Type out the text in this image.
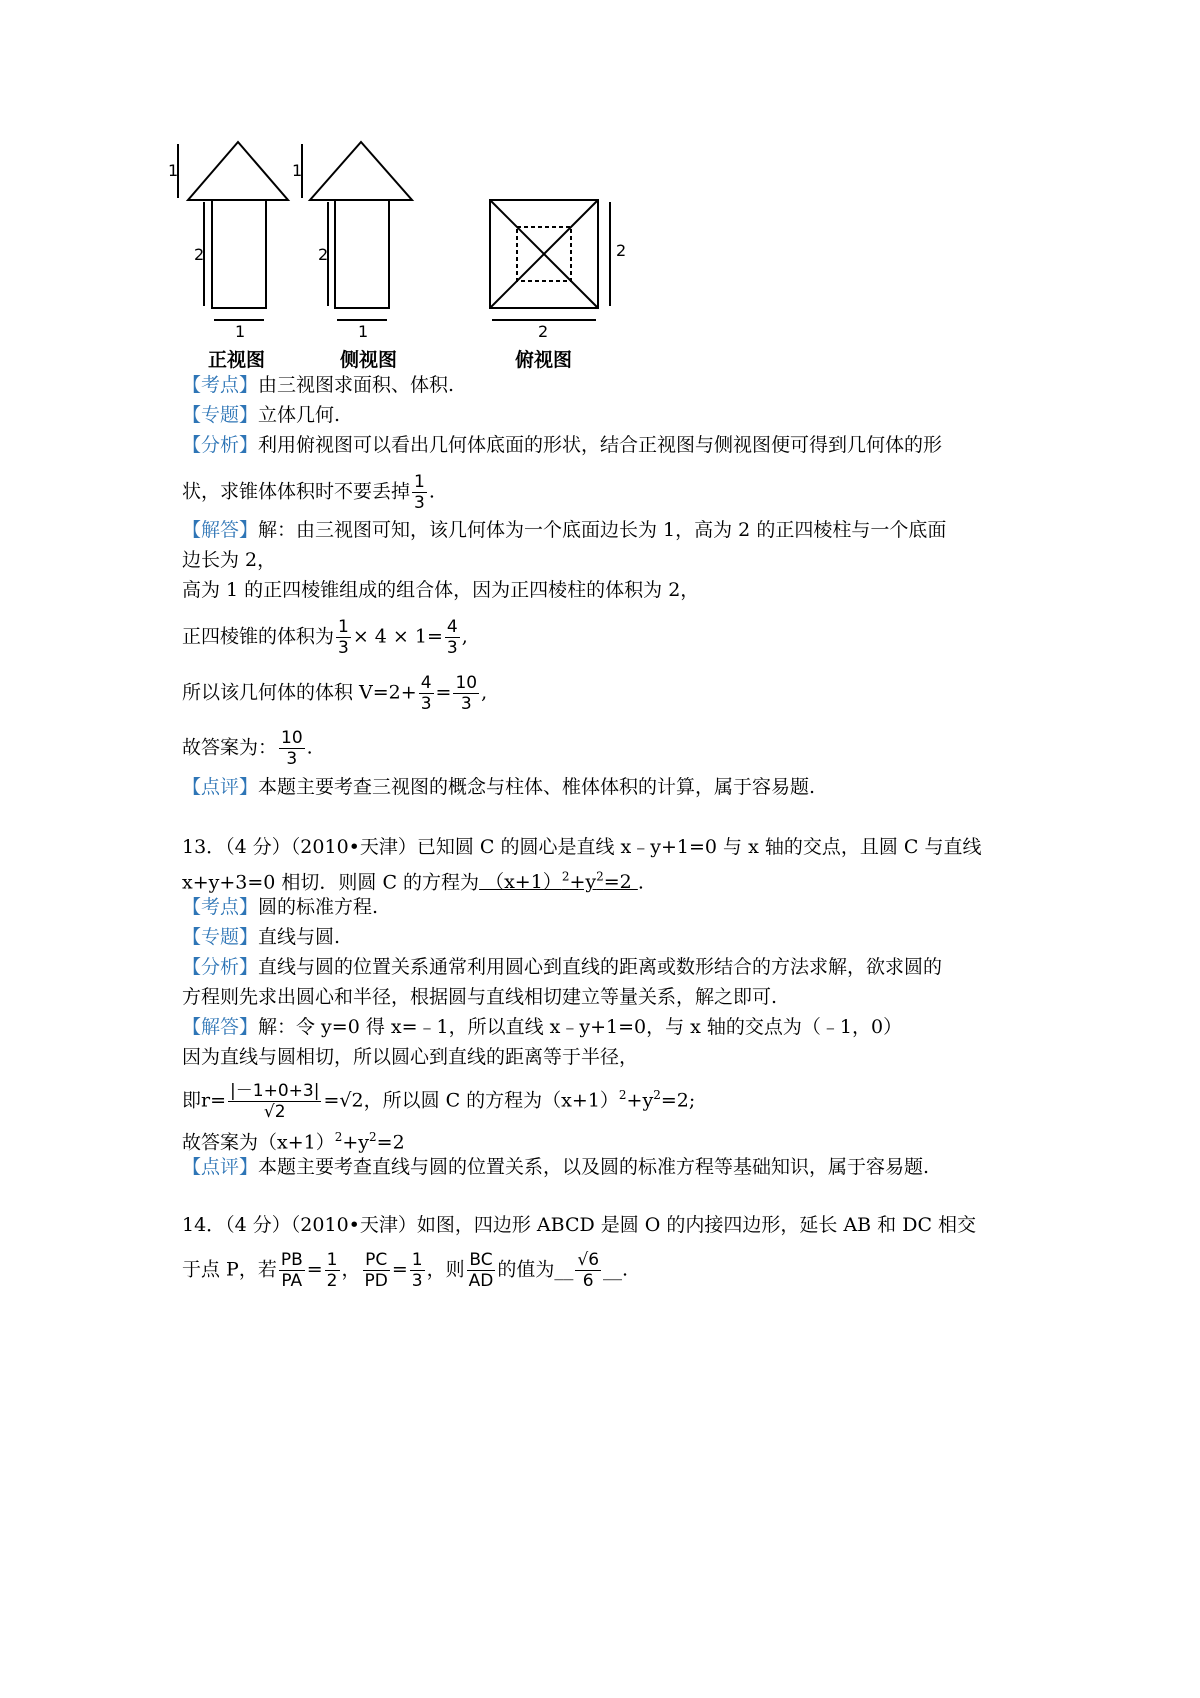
1
2
1
1
2
1
2
2
正视图	侧视图	俯视图
【考点】由三视图求面积、体积.
【专题】立体几何.
【分析】利用俯视图可以看出几何体底面的形状，结合正视图与侧视图便可得到几何体的形
状，求锥体体积时不要丢掉 $\frac{1}{3}$ .
【解答】解：由三视图可知，该几何体为一个底面边长为 1，高为 2 的正四棱柱与一个底面
边长为 2，
高为 1 的正四棱锥组成的组合体，因为正四棱柱的体积为 2，
正四棱锥的体积为 $\frac{1}{3} \times 4 \times 1= \frac{4}{3}$ ,
所以该几何体的体积 $V=2+ \frac{4}{3} = \frac{10}{3}$ ,
故答案为： $\frac{10}{3}$ .
【点评】本题主要考查三视图的概念与柱体、椎体体积的计算，属于容易题.
13．（4 分）（2010•天津）已知圆 C 的圆心是直线 x﹣y+1=0 与 x 轴的交点，且圆 C 与直线
x+y+3=0 相切．则圆 C 的方程为 $(x+1)^2+y^2=2$ .
【考点】圆的标准方程.
【专题】直线与圆.
【分析】直线与圆的位置关系通常利用圆心到直线的距离或数形结合的方法求解，欲求圆的
方程则先求出圆心和半径，根据圆与直线相切建立等量关系，解之即可.
【解答】解：令 y=0 得 x=﹣1，所以直线 x﹣y+1=0，与 x 轴的交点为（﹣1，0）
因为直线与圆相切，所以圆心到直线的距离等于半径，
即$r= \frac{|-1+0+3|}{√2} =√2$，所以圆 C 的方程为$(x+1)^2+y^2=2$;
故答案为$(x+1)^2+y^2=2$
【点评】本题主要考查直线与圆的位置关系，以及圆的标准方程等基础知识，属于容易题.
14．（4 分）（2010•天津）如图，四边形 ABCD 是圆 O 的内接四边形，延长 AB 和 DC 相交
于点 P，若 $\frac{PB}{PA} = \frac{1}{2}$ ， $\frac{PC}{PD} = \frac{1}{3}$ ，则 $\frac{BC}{AD}$ 的值为__ $\frac{√6}{6}$ __.
